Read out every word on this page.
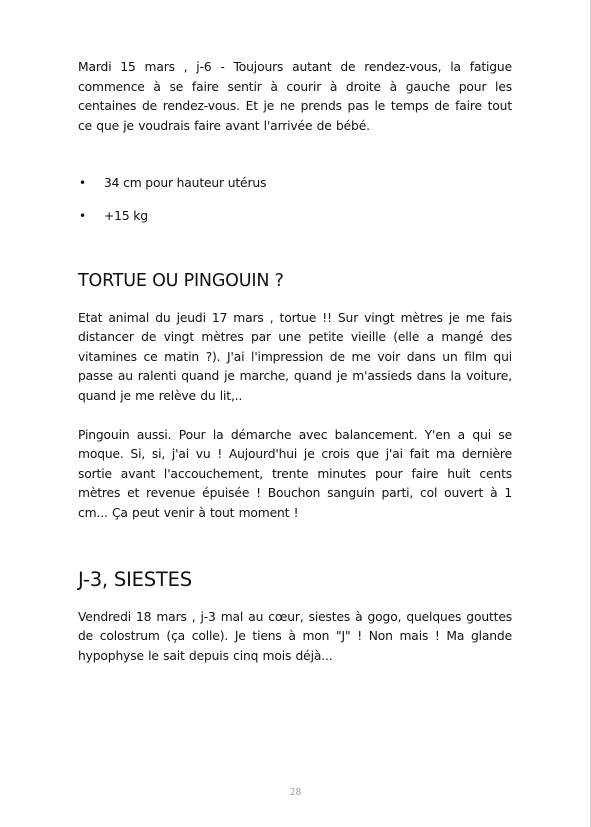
Mardi 15 mars , j-6 - Toujours autant de rendez-vous, la fatigue commence à se faire sentir à courir à droite à gauche pour les centaines de rendez-vous. Et je ne prends pas le temps de faire tout ce que je voudrais faire avant l'arrivée de bébé.

• 34 cm pour hauteur utérus
• +15 kg
TORTUE OU PINGOUIN ?

Etat animal du jeudi 17 mars , tortue !! Sur vingt mètres je me fais distancer de vingt mètres par une petite vieille (elle a mangé des vitamines ce matin ?). J'ai l'impression de me voir dans un film qui passe au ralenti quand je marche, quand je m'assieds dans la voiture, quand je me relève du lit,..

Pingouin aussi. Pour la démarche avec balancement. Y'en a qui se moque. Si, si, j'ai vu ! Aujourd'hui je crois que j'ai fait ma dernière sortie avant l'accouchement, trente minutes pour faire huit cents mètres et revenue épuisée ! Bouchon sanguin parti, col ouvert à 1 cm... Ça peut venir à tout moment !

J-3, SIESTES

Vendredi 18 mars , j-3 mal au cœur, siestes à gogo, quelques gouttes de colostrum (ça colle). Je tiens à mon "J" ! Non mais ! Ma glande hypophyse le sait depuis cinq mois déjà...

28
